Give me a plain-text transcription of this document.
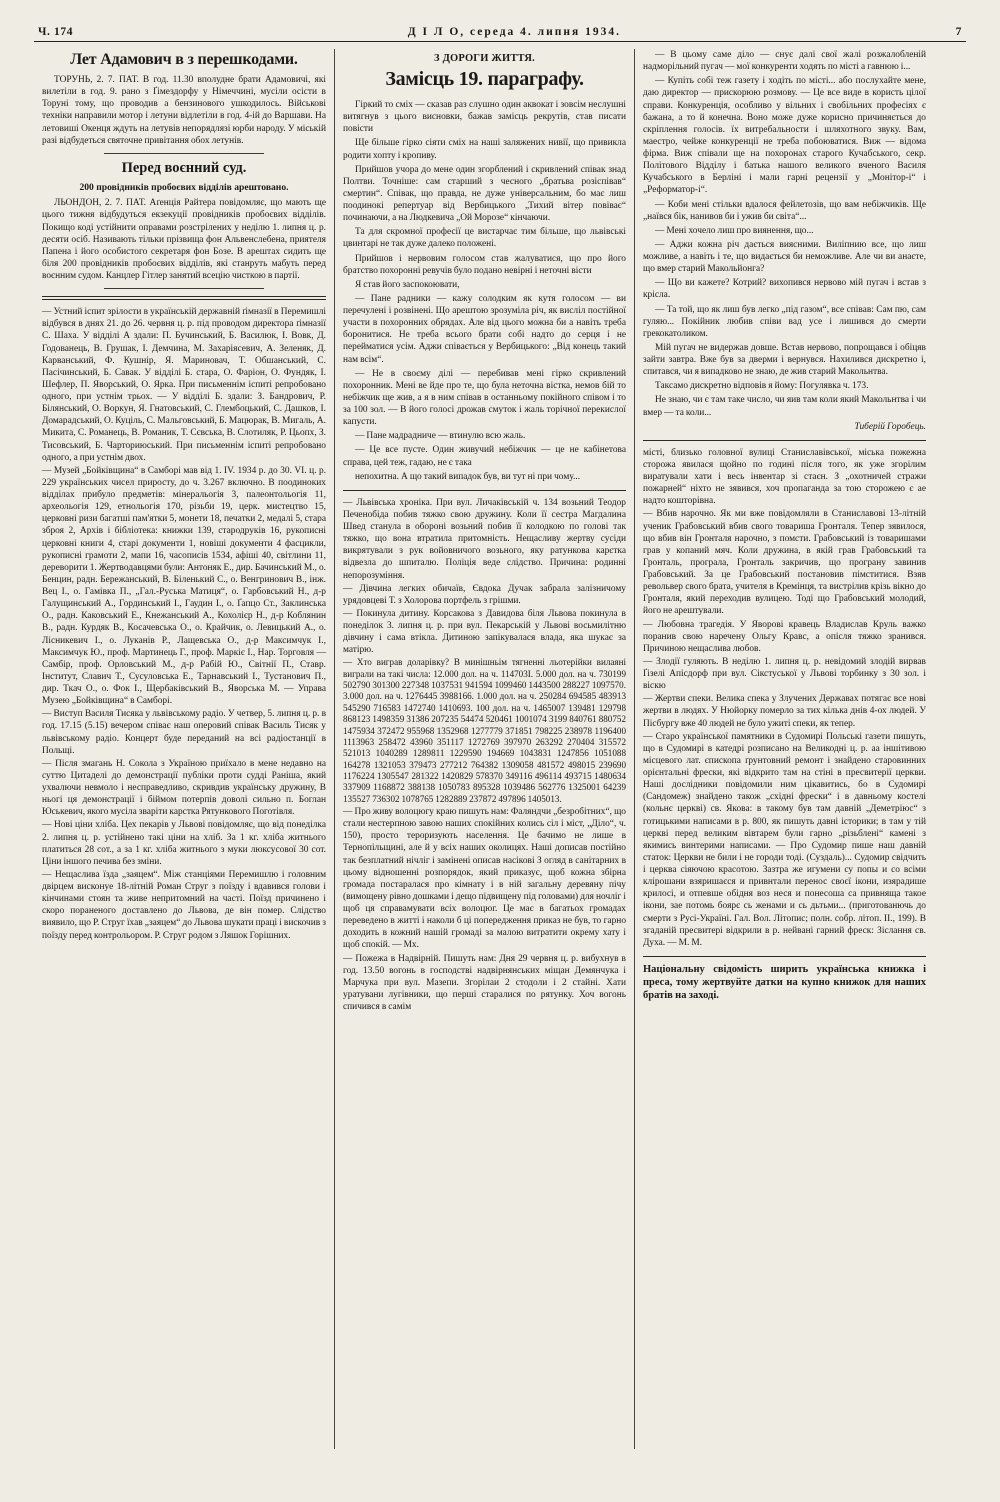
Ч. 174	Д І Л О, середа 4. липня 1934.	7
Лет Адамович в з перешкодами.

ТОРУНЬ, 2. 7. ПАТ. В год. 11.30 вполудне брати Адамовичі, які вилетіли в год. 9. рано з Ґімездорфу у Німеччині, мусіли осісти в Торуні тому, що проводив а бензинового ушкодилось. Військові техніки направили мотор і летуни відлетіли в год. 4-ій до Варшави. На летовиші Окенця ждуть на летувів непорядлязі юрби народу. У міській разі відбудеться святочне привітання обох летунів.

Перед воєнний суд.
200 провідників пробоєвих відділів арештовано.

ЛЬОНДОН, 2. 7. ПАТ. Аґенція Райтера повідомляє, що мають ще цього тижня відбудуться екзекуції провідників пробоєвих відділів. Покищо коді устійнити оправами розстрілених у неділю 1. липня ц. р. десяти осіб. Називають тільки прізвища фон Альвенслебена, приятеля Папена і його особистого секретаря фон Бозе. В арештах сидить ще біля 200 провідників пробоєвих відділів, які станруть мабуть перед воєнним судом. Канцлер Гітлер занятий всецію чисткою в партії.

— Устний іспит зрілости в українській державній ґімназії в Перемишлі відбувся в днях 21. до 26. червня ц. р. під проводом директора ґімназії С. Шаха. У відділі А здали: П. Бучинський, Б. Василюк, І. Вовк, Д. Годованець, В. Грушак, І. Демчина, М. Захаріясевич, А. Зеленяк, Д. Карванський, Ф. Кушнір, Я. Мариновач, Т. Обшанський, С. Пасічинський, Б. Савак. У відділі Б. стара, О. Фаріон, О. Фундяк, І. Шефлер, П. Яворський, О. Ярка. При письменнім іспиті репробовано одного, при устнім трьох. — У відділі Б. здали: З. Бандрович, Р. Білянський, О. Воркун, Я. Гнатовський, С. Глембоцький, С. Дашков, І. Домарадський, О. Куціль, С. Мальговський, Б. Мацюрак, В. Мигаль, А. Микита, С. Романець, В. Романик, Т. Сєвська, В. Слотиляк, Р. Цьопх, З. Тисовський, Б. Чарториюський. При письменнім іспиті репробовано одного, а при устнім двох.

— Музей „Бойківщина“ в Самборі мав від 1. IV. 1934 р. до 30. VI. ц. р. 229 українських чисел приросту, до ч. 3.267 включно. В поодиноких відділах прибуло предметів: мінеральогія 3, палеонтольогія 11, археольогія 129, етнольогія 170, різьби 19, церк. мистецтво 15, церковні ризи багатші пам'ятки 5, монети 18, печатки 2, медалі 5, стара зброя 2, Архів і бібліотека: книжки 139, стародруків 16, рукописні церковні книги 4, старі документи 1, новіші документи 4 фасцикли, рукописні грамоти 2, мапи 16, часописів 1534, афіші 40, світлини 11, дереворити 1. Жертводавцями були: Антоняк Е., дир. Бачинський М., о. Бенцин, радн. Бережанський, В. Біленький С., о. Венгринович В., інж. Вец І., о. Гамівка П., „Гал.-Руська Матиця“, о. Гарбовський Н., д-р Галущинський А., Гординський І., Гаудин І., о. Ґапцо Ст., Заклинська О., радн. Каковський Е., Кнежанський А., Кохолієр Н., д-р Коблянин В., радн. Курдяк В., Косачевська О., о. Крайчик, о. Левицький А., о. Лісникевич І., о. Луканів Р., Лащевська О., д-р Максимчук І., Максимчук Ю., проф. Мартинець Г., проф. Маркіє І., Нар. Торговля — Самбір, проф. Орловський М., д-р Рабій Ю., Світнії П., Ставр. Інститут, Славич Т., Сусуловська Е., Тарнавський І., Тустанович П., дир. Ткач О., о. Фок І., Щербаківський В., Яворська М. — Управа Музею „Бойківщина“ в Самборі.

— Виступ Василя Тисяка у львівському радіо. У четвер, 5. липня ц. р. в год. 17.15 (5.15) вечером співає наш оперовий співак Василь Тисяк у львівському радіо. Концерт буде переданий на всі радіостанції в Польщі.

— Після змагань Н. Сокола з Україною приїхало в мене недавно на суттю Цитаделі до демонстрації публіки проти судді Раніша, який ухвалючи невмоло і несправедливо, скривдив українську дружину, В ньогі ця демонстрації і біймом потерпів доволі сильно п. Боглан Юськевич, якого мусіла зваріти карстка Рятункового Поготівля.

— Нові ціни хліба. Цех пекарів у Львові повідомляє, що від понеділка 2. липня ц. р. устійнено такі ціни на хліб. За 1 кг. хліба житнього платиться 28 сот., а за 1 кг. хліба житнього з муки люксусової 30 сот. Ціни іншого печива без зміни.

— Нещаслива їзда „заяцем“. Між станціями Перемишлю і головним двірцем висконуе 18-літній Роман Струг з поїзду і вдавився голови і кінчинами стоян та живе непритомний на часті. Поїзд причинено і скоро пораненого доставлено до Львова, де він помер. Слідство виявило, що Р. Струг їхав „заяцем“ до Львова шукати праці і вискочив з поїзду перед контрольором. Р. Струг родом з Ляшок Горішних.

З ДОРОГИ ЖИТТЯ.
Замісць 19. параграфу.

Гіркий то сміх — сказав раз слушно один аквокат і зовсім неслушні витягнув з цього висновки, бажав замісць рекрутів, став писати повісти

Ще більше гірко сіяти сміх на наші заляжених нивії, що привикла родити хопту і кропиву.

Прийшов учора до мене один згорблений і скривлений співак знад Полтви. Точніше: сам старший з чесного „братьва розіспівав“ смертин“. Співак, що правда, не дуже універсальним, бо має лиш поодинокі репертуар від Вербицького „Тихий вітер повіває“ починаючи, а на Людкевича „Ой Морозе“ кінчаючи.

Та для скромної професії це вистарчає тим більше, що львівські цвинтарі не так дуже далеко положені.

Прийшов і нервовим голосом став жалуватися, що про його братство похоронні ревучів було подано невірні і неточні вісти

Я став його заспокоювати,

— Пане радники — кажу солодким як кутя голосом — ви перечулені і розвінені. Що арештою зрозуміла річ, як висліл постійної участи в похоронних обрядах. Але від цього можна би а навіть треба боронитися. Не треба всього брати собі надто до серця і не перейматися усім. Аджи співається у Вербицького: „Від конець такий нам всім“.

— Не в своєму ділі — перебивав мені гірко скривлений похоронник. Мені ве йде про те, що була неточна вістка, немов бій то небіжчик ще жив, а я в ним співав в останньому покійного співом і то за 100 зол. — В його голосі дрожав смуток і жаль торічної перекислої капусти.

— Пане мадрадниче — втинулю всю жаль.

— Це все пусте. Один живучий небіжчик — це не кабінетова справа, цей теж, гадаю, не є така

непохитна. А що такий випадок був, ви тут ні при чому...

— Львівська хроніка. При вул. Личаківській ч. 134 возьний Теодор Печенобіда побив тяжко свою дружину. Коли її сестра Магдалина Швед станула в обороні возьний побив її колодкою по голові так тяжко, що вона втратила притомність. Нещасливу жертву сусіди викрятували з рук войовничого возьного, яку ратункова карєтка відвезла до шпиталю. Поліція веде слідство. Причина: родинні непорозуміння.

— Дівчина легких обичаїв, Євдока Дучак забрала залізничому урядовцеві Т. з Холорова портфель з грішми.

— Покинула дитину. Корсакова з Давидова біля Львова покинула в понеділок 3. липня ц. р. при вул. Пекарській у Львові восьмилітню дівчину і сама втікла. Дитиною запікувалася влада, яка шукає за матірю.

— Хто виграв доларівку? В минішньім тягненні льотерійки вилаяні виграли на такі числа: 12.000 дол. на ч. 114703І. 5.000 дол. на ч. 730199 502790 301300 227348 1037531 941594 1099460 1443500 288227 1097570. 3.000 дол. на ч. 1276445 3988166. 1.000 дол. на ч. 250284 694585 483913 545290 716583 1472740 1410693. 100 дол. на ч. 1465007 139481 129798 868123 1498359 31386 207235 54474 520461 1001074 3199 840761 880752 1475934 372472 955968 1352968 1277779 371851 798225 238978 1196400 1113963 258472 43960 351117 1272769 397970 263292 270404 315572 521013 1040289 1289811 1229590 194669 1043831 1247856 1051088 164278 1321053 379473 277212 764382 1309058 481572 498015 239690 1176224 1305547 281322 1420829 578370 349116 496114 493715 1480634 337909 1168872 388138 1050783 895328 1039486 562776 1325001 64239 135527 736302 1078765 1282889 237872 497896 1405013.

— Про живу волоцюгу краю пишуть нам: Фаляндчи „безробітних“, що стали нестерпною завою наших спокійних колись сіл і міст, „Діло“, ч. 150), просто тероризують населення. Це бачимо не лише в Тернопільщині, але й у всіх наших околицях. Наші дописав постійно так безплатний нічліг і замінені описав насікові З огляд в санітарних в цьому відношенні розпорядок, який приказує, щоб кожна збірна громада постаралася про кімнату і в ній загальну деревяну пічу (вимощену рівно дошками і дещо підвищену під головами) для ночліг і щоб ця справамувати всіх волоцюг. Це має в багатьох громадах переведено в житті і наколи б ці попередження приказ не був, то гарно доходить в кожний нашій громаді за малою витратити окрему хату і щоб спокій. — Мх.

— Пожежа в Надвірній. Пишуть нам: Дня 29 червня ц. р. вибухнув в год. 13.50 вогонь в господстві надвірнянських міщан Демянчука і Марчука при вул. Мазепи. Згорілаи 2 стодоли і 2 стайні. Хати уратувани лугівники, що перші старалися по рятунку. Хоч вогонь спичився в самім

— В цьому саме діло — снує далі свої жалі розжалобленій надморільний пугач — мої конкуренти ходять по місті а гавнюю і...

— Купіть собі теж газету і ходіть по місті... або послухайте мене, даю директор — прискорюю розмову. — Це все виде в користь цілої справи. Конкуренція, особливо у вільних і свобільних професіях є бажана, а то й конечна. Воно може дуже корисно причиняється до скріплення голосів. їх витребальности і шляхотного звуку. Вам, маестро, чейже конкуренції не треба побоюватися. Виж — відома фірма. Виж співали ще на похоронах старого Кучабського, секр. Політового Відділу і батька нашого великого вченого Василя Кучабського в Берліні і мали гарні рецензії у „Монітор-і“ і „Реформатор-і“.

— Коби мені стільки вдалося фейлетозів, що вам небіжчиків. Ще „наївся бік, нанивов би і ужив би світа“...

— Мені хочело лиш про виянення, що...

— Аджи кожна річ дається виясними. Виліпнию все, що лиш можливе, а навіть і те, що видається би неможливе. Але чи ви анаєте, що вмер старий Макольйонга?

— Що ви кажете? Котрий? вихопився нервово мій пугач і встав з крісла.

— Та той, що як лиш був легко „під газом“, все співав: Сам пю, сам гуляю... Покійник любив співи вад усе і лишився до смерти грекокатоликом.

Мій пугач не видержав довше. Встав нервово, попрощався і обіцяв зайти завтра. Вже був за дверми і вернувся. Нахилився дискретно і, спитався, чи я випадково не знаю, де жив старий Макольнтва.

Таксамо дискретно відповів я йому: Погулявка ч. 173.

Не знаю, чи є там таке число, чи яив там коли який Макольнтва і чи вмер — та коли...

Тиберій Горобець.

місті, близько головної вулиці Станиславівської, міська пожежна сторожа явилася щойно по годині після того, як уже згорілим виратували хати і весь інвентар зі стаєн. З „охотничей стражи пожарней“ ніхто не зявився, хоч пропаганда за тою сторожею є ае надто кошторівна.

— Вбив нарочно. Як ми вже повідомляли в Станиславові 13-літній ученик Грабовський вбив свого товариша Гронталя. Тепер зявилося, що вбив він Гронталя нарочно, з помсти. Грабовський із товаришами грав у копаний мяч. Коли дружина, в якій грав Грабовський та Гронталь, програла, Гронталь закричив, що програну завинив Грабовський. За це Грабовський постановив пімститися. Взяв револьвер свого брата, учителя в Кремінця, та вистрілив крізь вікно до Гронталя, який переходив вулицею. Тоді що Грабовський молодий, його не арештували.

— Любовна трагедія. У Яворові кравець Владислав Круль важко поранив свою наречену Ольгу Кравс, а опісля тяжко зранився. Причиною нещаслива любов.

— Злодії гуляють. В неділю 1. липня ц. р. невідомий злодій вирвав Ґізелі Апісдорф при вул. Сікстуської у Львові торбинку з 30 зол. і віскю

— Жертви спеки. Велика спека у Злучених Державах потягає все нові жертви в людях. У Нюйорку померло за тих кілька днів 4-ох людей. У Пісбургу вже 40 людей не було ужиті спеки, як тепер.

— Старо української памятники в Судомирі Польські газети пишуть, що в Судомирі в катедрі розписано на Великодні ц. р. аа іншітивою місцевого лат. єпископа ґрунтовний ремонт і знайдено старовинних орієнтальні фрески, які відкрито там на стіні в пресвитерії церкви. Наші дослідники повідомили ним цікавитись, бо в Судомирі (Сандомеж) знайдено також „східні фрески“ і в давньому костелі (кольнє церкві) св. Якова: в такому був там давній „Деметріюс“ з готицькими написами в р. 800, як пишуть давні історики; в там у тій церкві перед великим вівтарем були гарно „різьблені“ камені з якимись винтерими написами. — Про Судомир пише наш давній статок: Церкви не били і не городи тоді. (Суздаль)... Судомир свідчить і церква сіяючою красотою. Зазтра же игумени су попы и со всіми клірошани взяришаєся и привнтали перенос своєї ікони, изярадише крилосі, и отпевше обідня воз неся и понесоша са привняща такое ікони, зае потомь боярє сь женами и сь дьтьми... (приготованючь до смерти з Русі-Україні. Гал. Вол. Літопис; полн. собр. літоп. ІІ., 199). В згаданій пресвитері відкрили в р. нейвані гарний фреск: Зіслання св. Духа. — М. М.

Національну свідомість ширить українська книжка і преса, тому жертвуйте датки на купно книжок для наших братів на заході.
